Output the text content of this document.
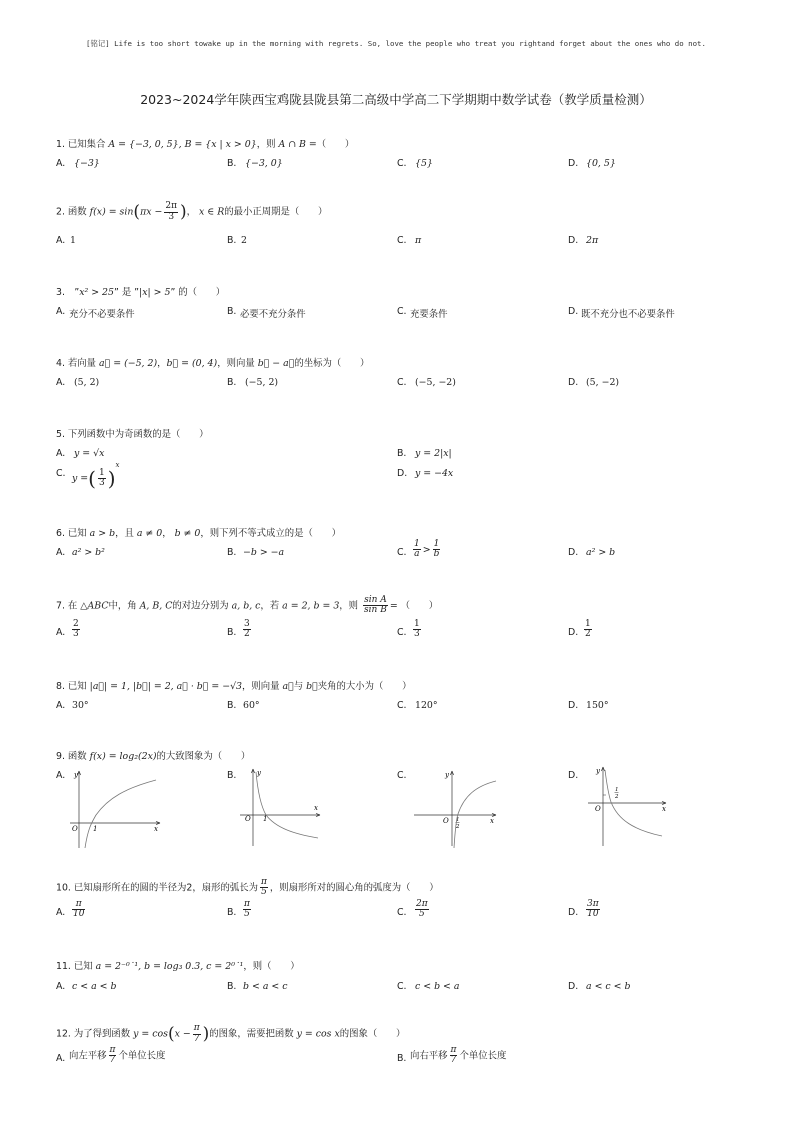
[铭记] Life is too short towake up in the morning with regrets. So, love the people who treat you rightand forget about the ones who do not.
2023~2024学年陕西宝鸡陇县陇县第二高级中学高二下学期期中数学试卷（教学质量检测）
1. 已知集合 A = {−3, 0, 5}, B = {x | x > 0}，则 A ∩ B =（　　）
A. {−3}	B. {−3, 0}	C. {5}	D. {0, 5}
2. 函数 $f(x) = \sin(\pi x - \frac{2\pi}{3}$ )， x ∈ R的最小正周期是（　　）
A. 1	B. 2	C. π	D. 2π
3.　”x² > 25” 是 ”|x| > 5” 的（　　）
A. 充分不必要条件	B. 必要不充分条件	C. 充要条件	D. 既不充分也不必要条件
4. 若向量 a⃗ = (−5, 2)，b⃗ = (0, 4)，则向量 b⃗ − a⃗的坐标为（　　）
A. (5, 2)	B. (−5, 2)	C. (−5, −2)	D. (5, −2)
5. 下列函数中为奇函数的是（　　）
A. y = √x	B. y = 2|x|
C. y =( $\frac{1}{3} )^x$
D. y = −4x
6. 已知 a > b，且 a ≠ 0， b ≠ 0，则下列不等式成立的是（　　）
A. a² > b²	B. −b > −a	C. $\frac{1}{a} > \frac{1}{b}$	D. a² > b
7. 在 △ABC中，角 A, B, C的对边分别为 a, b, c，若 a = 2, b = 3，则 $\frac{\text{sin A}}{\text{sin B}}$ = （　　）
A. $\frac{2}{3}$	B. $\frac{3}{2}$	C. $\frac{1}{3}$	D. $\frac{1}{2}$
8. 已知 |a⃗| = 1, |b⃗| = 2, a⃗ · b⃗ = −√3，则向量 a⃗与 b⃗夹角的大小为（　　）
A. 30°	B. 60°	C. 120°	D. 150°
9. 函数 f(x) = log₂(2x)的大致图象为（　　）
A.
x
y
O 1
B.
x
y
O 1
C.
x
y
O 1
2
D.
x
y
O
1
2
10. 已知扇形所在的圆的半径为2，扇形的弧长为 $\frac{\pi}{5}$ ，则扇形所对的圆心角的弧度为（　　）
A. $\frac{\pi}{10}$	B. $\frac{\pi}{5}$	C. $\frac{2\pi}{5}$	D. $\frac{3\pi}{10}$
11. 已知 a = 2⁻⁰˙¹, b = log₃ 0.3, c = 2⁰˙¹，则（　　）
A. c < a < b	B. b < a < c	C. c < b < a	D. a < c < b
12. 为了得到函数 $y = \cos(x - \frac{\pi}{7}$ )的图象，需要把函数 y = cos x的图象（　　）
A. 向左平移 $\frac{\pi}{7}$ 个单位长度	B. 向右平移 $\frac{\pi}{7}$ 个单位长度
